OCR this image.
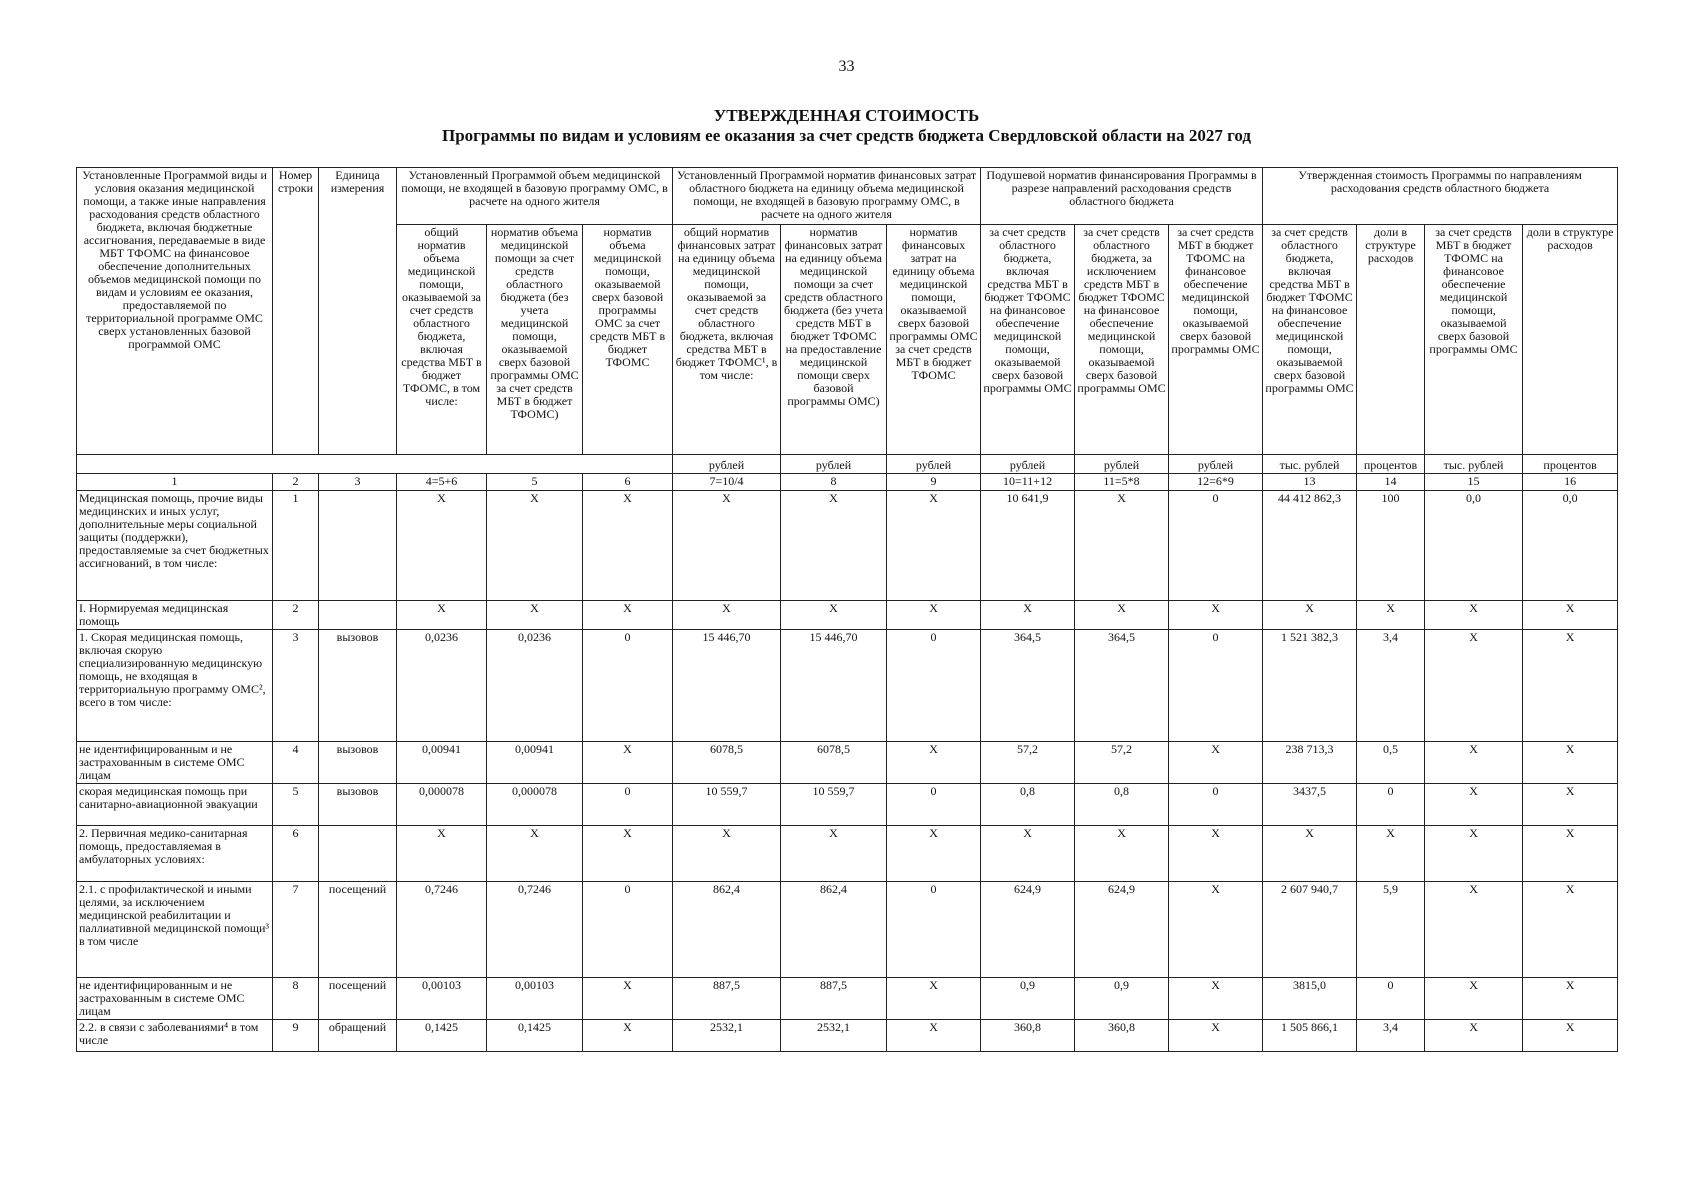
33
УТВЕРЖДЕННАЯ СТОИМОСТЬ
Программы по видам и условиям ее оказания за счет средств бюджета Свердловской области на 2027 год
Установленные Программой виды и условия оказания медицинской помощи, а также иные направления расходования средств областного бюджета, включая бюджетные ассигнования, передаваемые в виде МБТ ТФОМС на финансовое обеспечение дополнительных объемов медицинской помощи по видам и условиям ее оказания, предоставляемой по территориальной программе ОМС сверх установленных базовой программой ОМС	Номер строки	Единица измерения	Установленный Программой объем медицинской помощи, не входящей в базовую программу ОМС, в расчете на одного жителя			Установленный Программой норматив финансовых затрат областного бюджета на единицу объема медицинской помощи, не входящей в базовую программу ОМС, в расчете на одного жителя			Подушевой норматив финансирования Программы в разрезе направлений расходования средств областного бюджета			Утвержденная стоимость Программы по направлениям расходования средств областного бюджета			
			общий норматив объема медицинской помощи, оказываемой за счет средств областного бюджета, включая средства МБТ в бюджет ТФОМС, в том числе:	норматив объема медицинской помощи за счет средств областного бюджета (без учета медицинской помощи, оказываемой сверх базовой программы ОМС за счет средств МБТ в бюджет ТФОМС)	норматив объема медицинской помощи, оказываемой сверх базовой программы ОМС за счет средств МБТ в бюджет ТФОМС	общий норматив финансовых затрат на единицу объема медицинской помощи, оказываемой за счет средств областного бюджета, включая средства МБТ в бюджет ТФОМС¹, в том числе:	норматив финансовых затрат на единицу объема медицинской помощи за счет средств областного бюджета (без учета средств МБТ в бюджет ТФОМС на предоставление медицинской помощи сверх базовой программы ОМС)	норматив финансовых затрат на единицу объема медицинской помощи, оказываемой сверх базовой программы ОМС за счет средств МБТ в бюджет ТФОМС	за счет средств областного бюджета, включая средства МБТ в бюджет ТФОМС на финансовое обеспечение медицинской помощи, оказываемой сверх базовой программы ОМС	за счет средств областного бюджета, за исключением средств МБТ в бюджет ТФОМС на финансовое обеспечение медицинской помощи, оказываемой сверх базовой программы ОМС	за счет средств МБТ в бюджет ТФОМС на финансовое обеспечение медицинской помощи, оказываемой сверх базовой программы ОМС	за счет средств областного бюджета, включая средства МБТ в бюджет ТФОМС на финансовое обеспечение медицинской помощи, оказываемой сверх базовой программы ОМС	доли в структуре расходов	за счет средств МБТ в бюджет ТФОМС на финансовое обеспечение медицинской помощи, оказываемой сверх базовой программы ОМС	доли в структуре расходов
						рублей	рублей	рублей	рублей	рублей	рублей	тыс. рублей	процентов	тыс. рублей	процентов
1	2	3	4=5+6	5	6	7=10/4	8	9	10=11+12	11=5*8	12=6*9	13	14	15	16
Медицинская помощь, прочие виды медицинских и иных услуг, дополнительные меры социальной защиты (поддержки), предоставляемые за счет бюджетных ассигнований, в том числе:	1		X	X	X	X	X	X	10 641,9	X	0	44 412 862,3	100	0,0	0,0
I. Нормируемая медицинская помощь	2		X	X	X	X	X	X	X	X	X	X	X	X	X
1. Скорая медицинская помощь, включая скорую специализированную медицинскую помощь, не входящая в территориальную программу ОМС², всего в том числе:	3	вызовов	0,0236	0,0236	0	15 446,70	15 446,70	0	364,5	364,5	0	1 521 382,3	3,4	X	X
не идентифицированным и не застрахованным в системе ОМС лицам	4	вызовов	0,00941	0,00941	X	6078,5	6078,5	X	57,2	57,2	X	238 713,3	0,5	X	X
скорая медицинская помощь при санитарно-авиационной эвакуации	5	вызовов	0,000078	0,000078	0	10 559,7	10 559,7	0	0,8	0,8	0	3437,5	0	X	X
2. Первичная медико-санитарная помощь, предоставляемая в амбулаторных условиях:	6		X	X	X	X	X	X	X	X	X	X	X	X	X
2.1. с профилактической и иными целями, за исключением медицинской реабилитации и паллиативной медицинской помощи³ в том числе	7	посещений	0,7246	0,7246	0	862,4	862,4	0	624,9	624,9	X	2 607 940,7	5,9	X	X
не идентифицированным и не застрахованным в системе ОМС лицам	8	посещений	0,00103	0,00103	X	887,5	887,5	X	0,9	0,9	X	3815,0	0	X	X
2.2. в связи с заболеваниями⁴ в том числе	9	обращений	0,1425	0,1425	X	2532,1	2532,1	X	360,8	360,8	X	1 505 866,1	3,4	X	X
